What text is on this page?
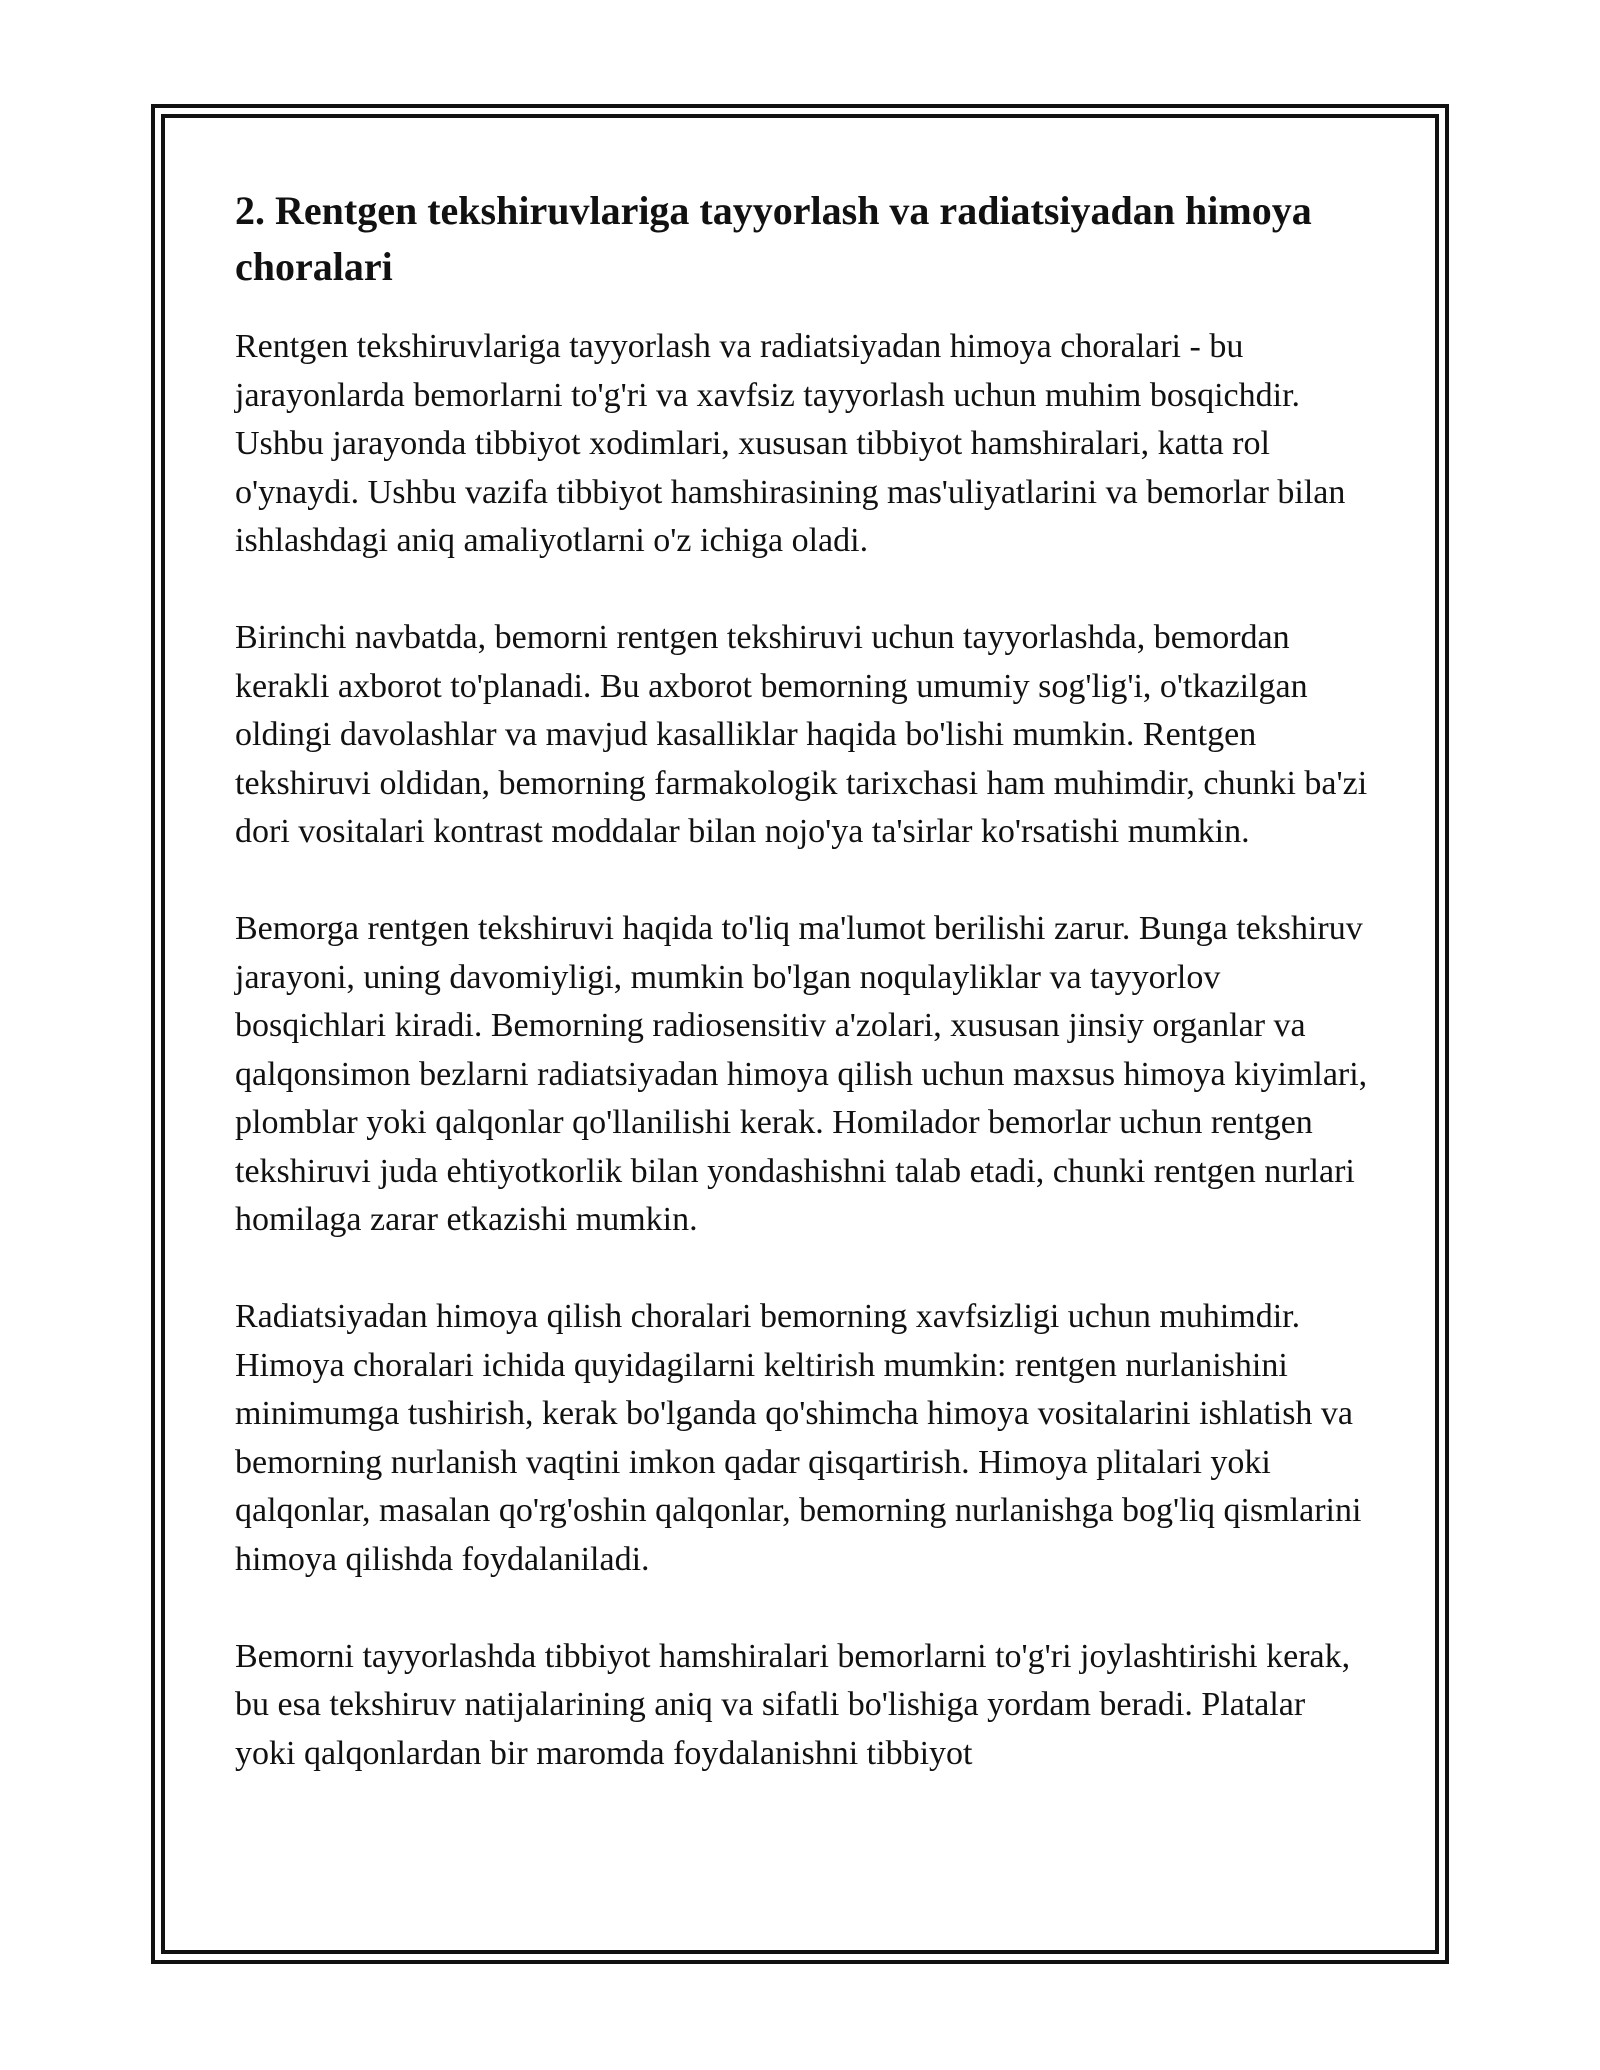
2. Rentgen tekshiruvlariga tayyorlash va radiatsiyadan himoya choralari

Rentgen tekshiruvlariga tayyorlash va radiatsiyadan himoya choralari - bu jarayonlarda bemorlarni to'g'ri va xavfsiz tayyorlash uchun muhim bosqichdir. Ushbu jarayonda tibbiyot xodimlari, xususan tibbiyot hamshiralari, katta rol o'ynaydi. Ushbu vazifa tibbiyot hamshirasining mas'uliyatlarini va bemorlar bilan ishlashdagi aniq amaliyotlarni o'z ichiga oladi.

Birinchi navbatda, bemorni rentgen tekshiruvi uchun tayyorlashda, bemordan kerakli axborot to'planadi. Bu axborot bemorning umumiy sog'lig'i, o'tkazilgan oldingi davolashlar va mavjud kasalliklar haqida bo'lishi mumkin. Rentgen tekshiruvi oldidan, bemorning farmakologik tarixchasi ham muhimdir, chunki ba'zi dori vositalari kontrast moddalar bilan nojo'ya ta'sirlar ko'rsatishi mumkin.

Bemorga rentgen tekshiruvi haqida to'liq ma'lumot berilishi zarur. Bunga tekshiruv jarayoni, uning davomiyligi, mumkin bo'lgan noqulayliklar va tayyorlov bosqichlari kiradi. Bemorning radiosensitiv a'zolari, xususan jinsiy organlar va qalqonsimon bezlarni radiatsiyadan himoya qilish uchun maxsus himoya kiyimlari, plomblar yoki qalqonlar qo'llanilishi kerak. Homilador bemorlar uchun rentgen tekshiruvi juda ehtiyotkorlik bilan yondashishni talab etadi, chunki rentgen nurlari homilaga zarar etkazishi mumkin.

Radiatsiyadan himoya qilish choralari bemorning xavfsizligi uchun muhimdir. Himoya choralari ichida quyidagilarni keltirish mumkin: rentgen nurlanishini minimumga tushirish, kerak bo'lganda qo'shimcha himoya vositalarini ishlatish va bemorning nurlanish vaqtini imkon qadar qisqartirish. Himoya plitalari yoki qalqonlar, masalan qo'rg'oshin qalqonlar, bemorning nurlanishga bog'liq qismlarini himoya qilishda foydalaniladi.

Bemorni tayyorlashda tibbiyot hamshiralari bemorlarni to'g'ri joylashtirishi kerak, bu esa tekshiruv natijalarining aniq va sifatli bo'lishiga yordam beradi. Platalar yoki qalqonlardan bir maromda foydalanishni tibbiyot
